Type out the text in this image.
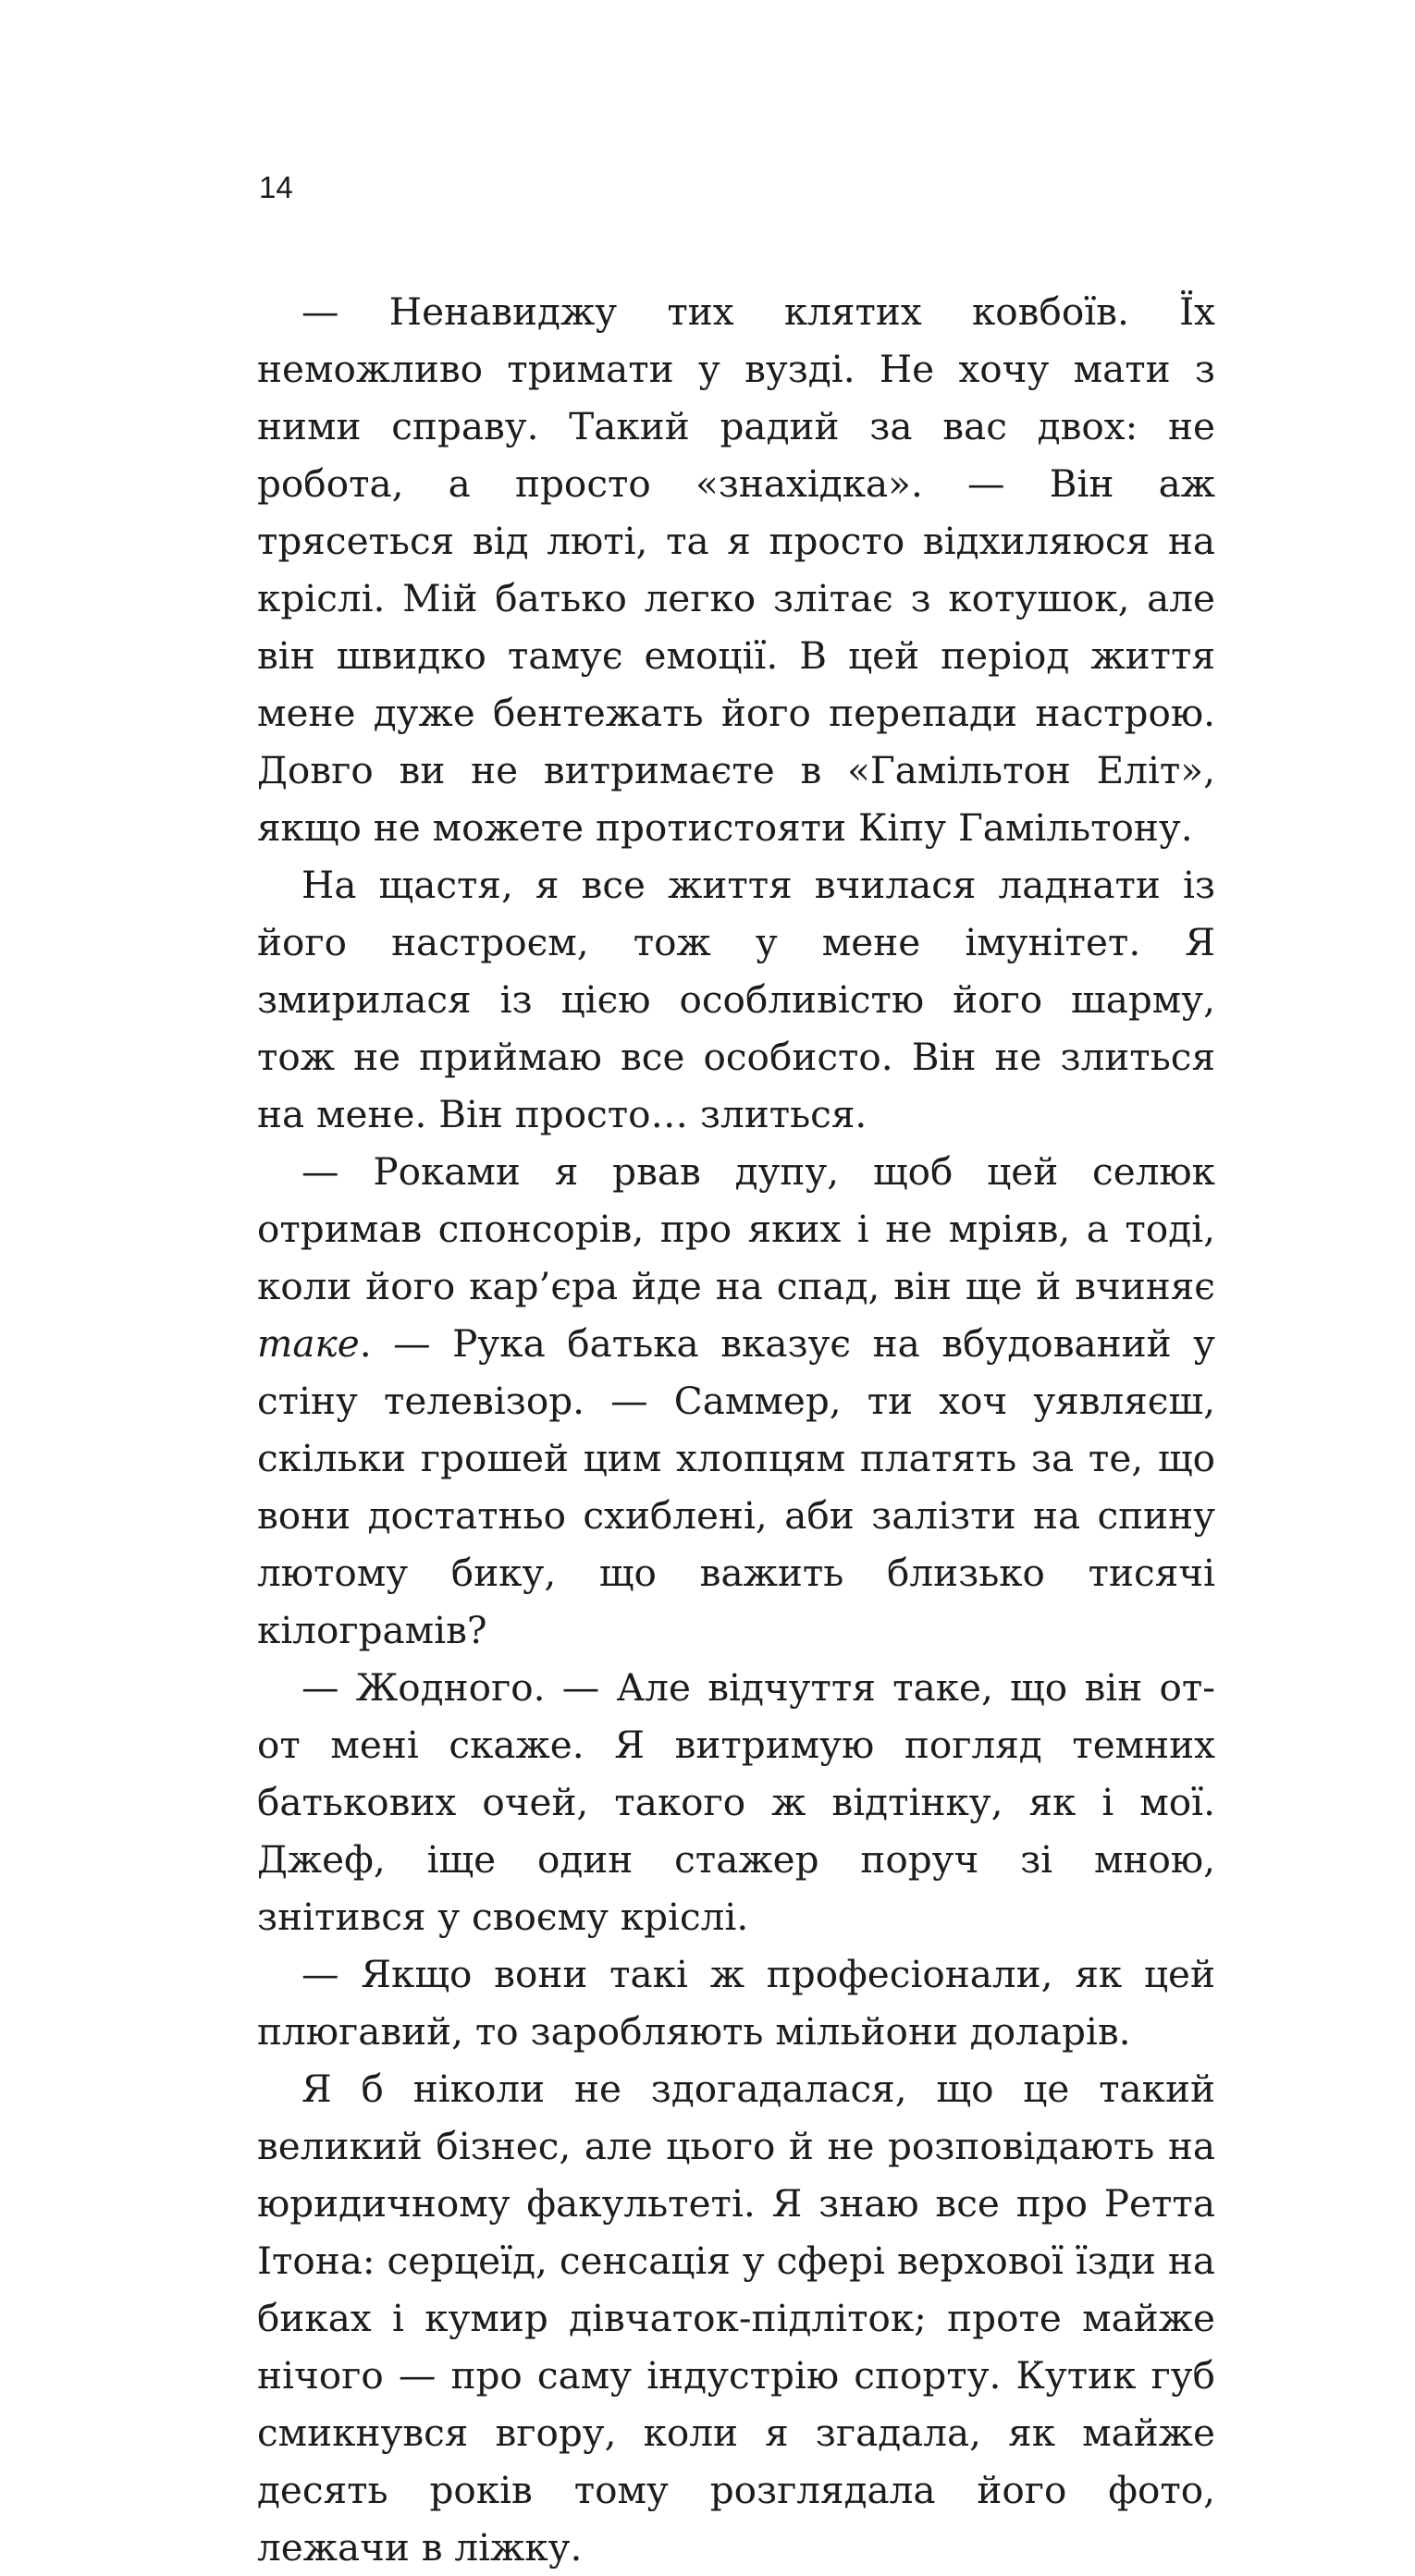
14

— Ненавиджу тих клятих ковбоїв. Їх неможливо тримати у вузді. Не хочу мати з ними справу. Такий радий за вас двох: не робота, а просто «знахідка». — Він аж трясеться від люті, та я просто відхиляюся на кріслі. Мій батько легко злітає з котушок, але він швидко тамує емоції. В цей період життя мене дуже бентежать його перепади настрою. Довго ви не витримаєте в «Гамільтон Еліт», якщо не можете протистояти Кіпу Гамільтону.

На щастя, я все життя вчилася ладнати із його настроєм, тож у мене імунітет. Я змирилася із цією особливістю його шарму, тож не приймаю все особисто. Він не злиться на мене. Він просто… злиться.

— Роками я рвав дупу, щоб цей селюк отримав спонсорів, про яких і не мріяв, а тоді, коли його кар’єра йде на спад, він ще й вчиняє таке. — Рука батька вказує на вбудований у стіну телевізор. — Саммер, ти хоч уявляєш, скільки грошей цим хлопцям платять за те, що вони достатньо схиблені, аби залізти на спину лютому бику, що важить близько тисячі кілограмів?

— Жодного. — Але відчуття таке, що він от-от мені скаже. Я витримую погляд темних батькових очей, такого ж відтінку, як і мої. Джеф, іще один стажер поруч зі мною, знітився у своєму кріслі.

— Якщо вони такі ж професіонали, як цей плюгавий, то заробляють мільйони доларів.

Я б ніколи не здогадалася, що це такий великий бізнес, але цього й не розповідають на юридичному факультеті. Я знаю все про Ретта Ітона: серцеїд, сенсація у сфері верхової їзди на биках і кумир дівчаток-підліток; проте майже нічого — про саму індустрію спорту. Кутик губ смикнувся вгору, коли я згадала, як майже десять років тому розглядала його фото, лежачи в ліжку.
